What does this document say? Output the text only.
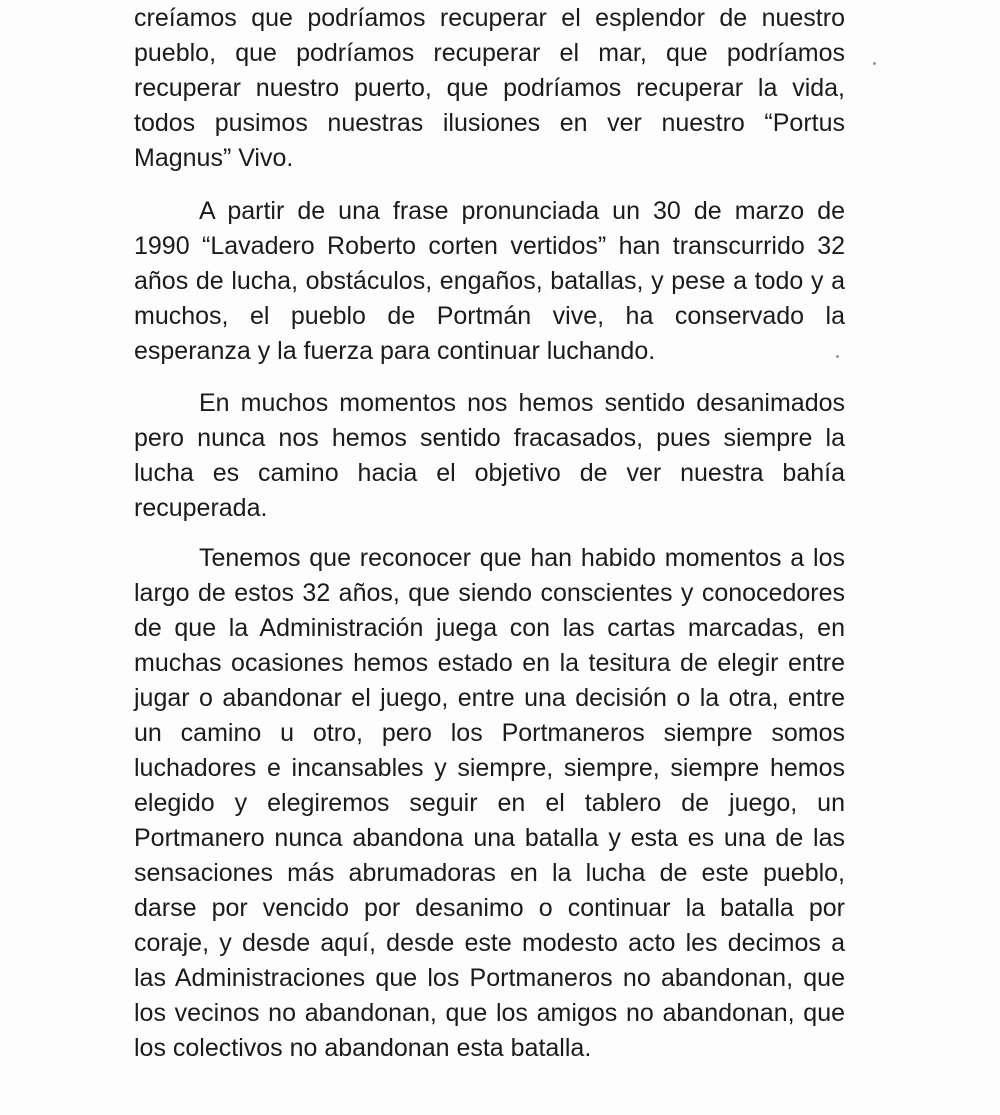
creíamos que podríamos recuperar el esplendor de nuestro pueblo, que podríamos recuperar el mar, que podríamos recuperar nuestro puerto, que podríamos recuperar la vida, todos pusimos nuestras ilusiones en ver nuestro “Portus Magnus” Vivo.

A partir de una frase pronunciada un 30 de marzo de 1990 “Lavadero Roberto corten vertidos” han transcurrido 32 años de lucha, obstáculos, engaños, batallas, y pese a todo y a muchos, el pueblo de Portmán vive, ha conservado la esperanza y la fuerza para continuar luchando.

En muchos momentos nos hemos sentido desanimados pero nunca nos hemos sentido fracasados, pues siempre la lucha es camino hacia el objetivo de ver nuestra bahía recuperada.

Tenemos que reconocer que han habido momentos a los largo de estos 32 años, que siendo conscientes y conocedores de que la Administración juega con las cartas marcadas, en muchas ocasiones hemos estado en la tesitura de elegir entre jugar o abandonar el juego, entre una decisión o la otra, entre un camino u otro, pero los Portmaneros siempre somos luchadores e incansables y siempre, siempre, siempre hemos elegido y elegiremos seguir en el tablero de juego, un Portmanero nunca abandona una batalla y esta es una de las sensaciones más abrumadoras en la lucha de este pueblo, darse por vencido por desanimo o continuar la batalla por coraje, y desde aquí, desde este modesto acto les decimos a las Administraciones que los Portmaneros no abandonan, que los vecinos no abandonan, que los amigos no abandonan, que los colectivos no abandonan esta batalla.
